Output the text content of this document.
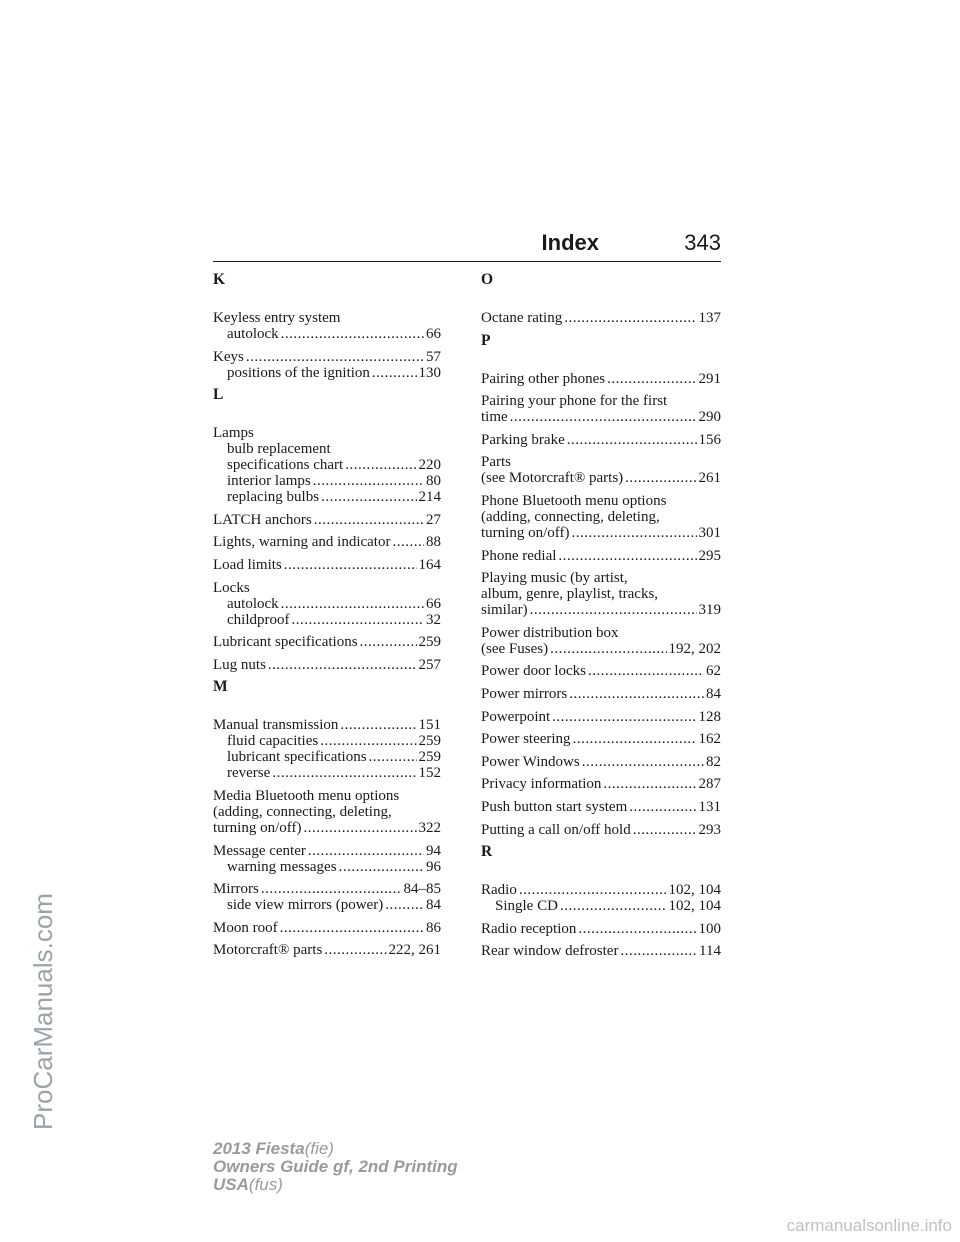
Index	343
K
Keyless entry system
autolock .....	66
Keys .....	57
positions of the ignition .....	130
L
Lamps
bulb replacement
specifications chart .....	220
interior lamps .....	80
replacing bulbs .....	214
LATCH anchors .....	27
Lights, warning and indicator ..... 88
Load limits .....	164
Locks
autolock .....	66
childproof .....	32
Lubricant specifications .....	259
Lug nuts .....	257
M
Manual transmission .....	151
fluid capacities .....	259
lubricant specifications .....	259
reverse .....	152
Media Bluetooth menu options
(adding, connecting, deleting,
turning on/off) .....	322
Message center .....	94
warning messages .....	96
Mirrors .....	84–85
side view mirrors (power) .....	84
Moon roof .....	86
Motorcraft® parts .....	222, 261
O
Octane rating .....	137
P
Pairing other phones .....	291
Pairing your phone for the first
time .....	290
Parking brake .....	156
Parts
(see Motorcraft® parts) .....	261
Phone Bluetooth menu options
(adding, connecting, deleting,
turning on/off) .....	301
Phone redial .....	295
Playing music (by artist,
album, genre, playlist, tracks,
similar) .....	319
Power distribution box
(see Fuses) .....	192, 202
Power door locks .....	62
Power mirrors .....	84
Powerpoint .....	128
Power steering .....	162
Power Windows .....	82
Privacy information .....	287
Push button start system .....	131
Putting a call on/off hold .....	293
R
Radio .....	102, 104
Single CD .....	102, 104
Radio reception .....	100
Rear window defroster .....	114
ProCarManuals.com
2013 Fiesta(fie)
Owners Guide gf, 2nd Printing
USA(fus)
carmanualsonline.info
